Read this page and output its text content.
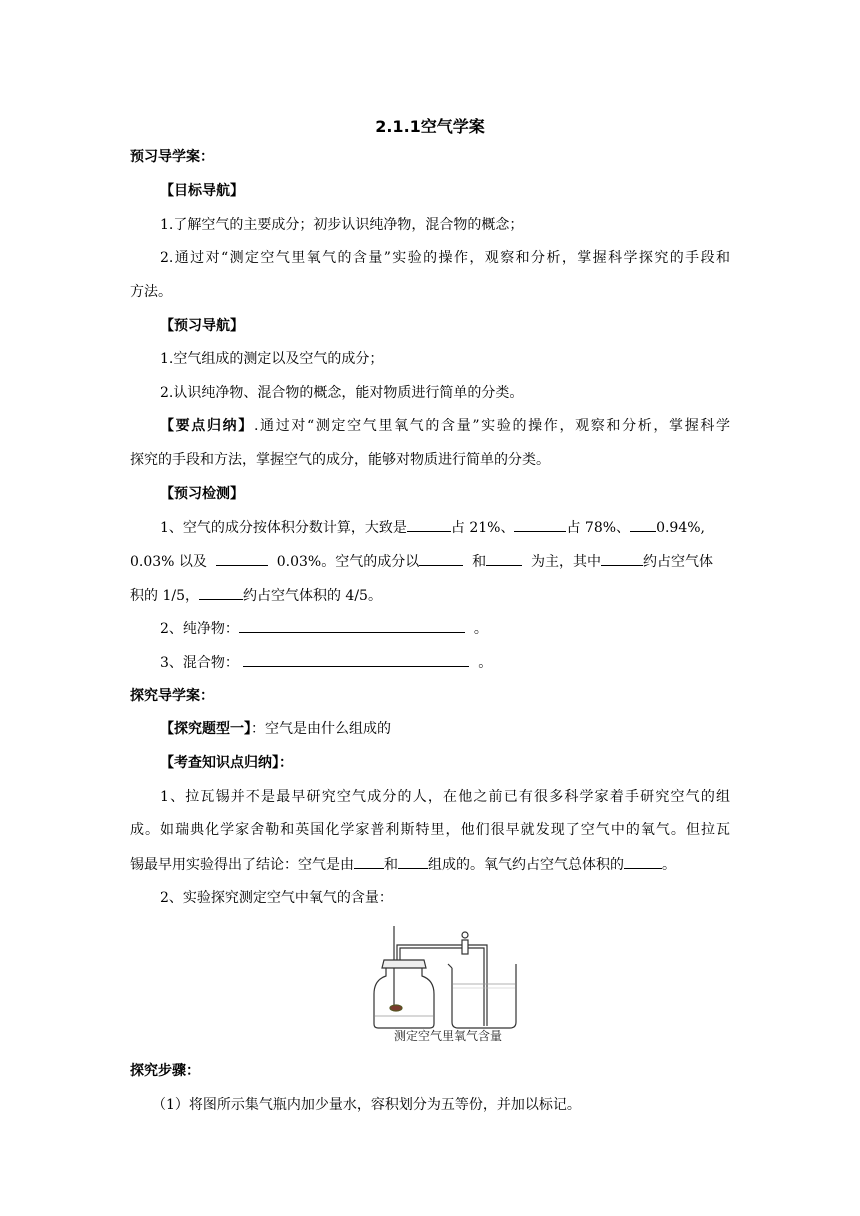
2.1.1空气学案
预习导学案：
【目标导航】
1.了解空气的主要成分；初步认识纯净物，混合物的概念；
2.通过对“测定空气里氧气的含量”实验的操作，观察和分析，掌握科学探究的手段和
方法。
【预习导航】
1.空气组成的测定以及空气的成分；
2.认识纯净物、混合物的概念，能对物质进行简单的分类。
【要点归纳】.通过对“测定空气里氧气的含量”实验的操作，观察和分析，掌握科学
探究的手段和方法，掌握空气的成分，能够对物质进行简单的分类。
【预习检测】
1、空气的成分按体积分数计算，大致是	占 21%、	占 78%、 0.94%,
0.03% 以及	0.03%。空气的成分以	和	为主，其中	约占空气体
积的 1/5，	约占空气体积的 4/5。
2、纯净物：	。
3、混合物：	。
探究导学案：
【探究题型一】：空气是由什么组成的
【考查知识点归纳】：
1、拉瓦锡并不是最早研究空气成分的人，在他之前已有很多科学家着手研究空气的组
成。如瑞典化学家舍勒和英国化学家普利斯特里，他们很早就发现了空气中的氧气。但拉瓦
锡最早用实验得出了结论：空气是由 和 组成的。氧气约占空气总体积的	。
2、实验探究测定空气中氧气的含量：
测定空气里氧气含量
探究步骤：
（1）将图所示集气瓶内加少量水，容积划分为五等份，并加以标记。
